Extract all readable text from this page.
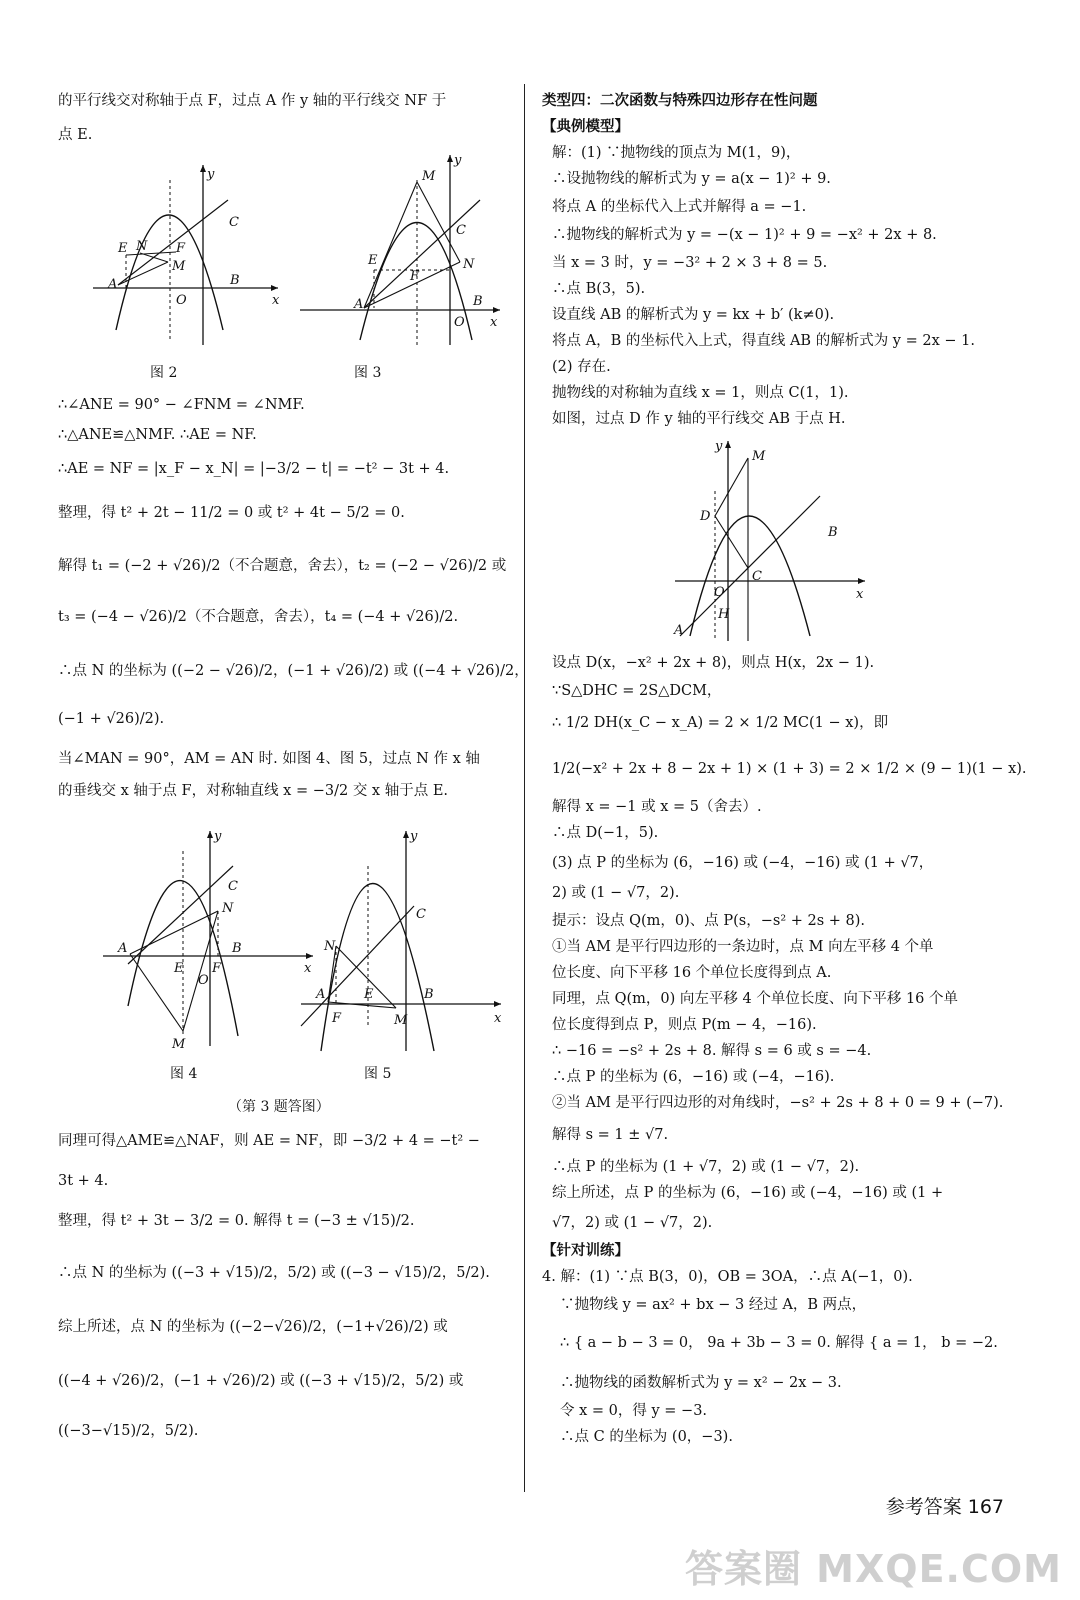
的平行线交对称轴于点 F，过点 A 作 y 轴的平行线交 NF 于
点 E.
y
C
E N F
M
A
O
B
x
图 2
y
M
C
E
F
N
A	B
O x
图 3
∴∠ANE = 90° − ∠FNM = ∠NMF.
∴△ANE≌△NMF. ∴AE = NF.
∴AE = NF = |x_F − x_N| = |−3/2 − t| = −t² − 3t + 4.
整理，得 t² + 2t − 11/2 = 0 或 t² + 4t − 5/2 = 0.
解得 t₁ = (−2 + √26)/2（不合题意，舍去），t₂ = (−2 − √26)/2 或
t₃ = (−4 − √26)/2（不合题意，舍去），t₄ = (−4 + √26)/2.
∴点 N 的坐标为 ((−2 − √26)/2，(−1 + √26)/2) 或 ((−4 + √26)/2，
(−1 + √26)/2).
当∠MAN = 90°，AM = AN 时. 如图 4、图 5，过点 N 作 x 轴
的垂线交 x 轴于点 F，对称轴直线 x = −3/2 交 x 轴于点 E.
y
C
N
A
E F
B
O
x
M
图 4
y
C
N
A	E	B
F	M	x
图 5
（第 3 题答图）
同理可得△AME≌△NAF，则 AE = NF，即 −3/2 + 4 = −t² −
3t + 4.
整理，得 t² + 3t − 3/2 = 0. 解得 t = (−3 ± √15)/2.
∴点 N 的坐标为 ((−3 + √15)/2，5/2) 或 ((−3 − √15)/2，5/2).
综上所述，点 N 的坐标为 ((−2−√26)/2，(−1+√26)/2) 或
((−4 + √26)/2，(−1 + √26)/2) 或 ((−3 + √15)/2，5/2) 或
((−3−√15)/2，5/2).
类型四：二次函数与特殊四边形存在性问题
【典例模型】
解：(1) ∵抛物线的顶点为 M(1，9)，
∴设抛物线的解析式为 y = a(x − 1)² + 9.
将点 A 的坐标代入上式并解得 a = −1.
∴抛物线的解析式为 y = −(x − 1)² + 9 = −x² + 2x + 8.
当 x = 3 时，y = −3² + 2 × 3 + 8 = 5.
∴点 B(3，5).
设直线 AB 的解析式为 y = kx + b′ (k≠0).
将点 A，B 的坐标代入上式，得直线 AB 的解析式为 y = 2x − 1.
(2) 存在.
抛物线的对称轴为直线 x = 1，则点 C(1，1).
如图，过点 D 作 y 轴的平行线交 AB 于点 H.
y
M
D
B
C
O
H
A
x
设点 D(x，−x² + 2x + 8)，则点 H(x，2x − 1).
∵S△DHC = 2S△DCM，
∴ 1/2 DH(x_C − x_A) = 2 × 1/2 MC(1 − x)，即
1/2(−x² + 2x + 8 − 2x + 1) × (1 + 3) = 2 × 1/2 × (9 − 1)(1 − x).
解得 x = −1 或 x = 5（舍去）.
∴点 D(−1，5).
(3) 点 P 的坐标为 (6，−16) 或 (−4，−16) 或 (1 + √7，
2) 或 (1 − √7，2).
提示：设点 Q(m，0)、点 P(s，−s² + 2s + 8).
①当 AM 是平行四边形的一条边时，点 M 向左平移 4 个单
位长度、向下平移 16 个单位长度得到点 A.
同理，点 Q(m，0) 向左平移 4 个单位长度、向下平移 16 个单
位长度得到点 P，则点 P(m − 4，−16).
∴ −16 = −s² + 2s + 8. 解得 s = 6 或 s = −4.
∴点 P 的坐标为 (6，−16) 或 (−4，−16).
②当 AM 是平行四边形的对角线时，−s² + 2s + 8 + 0 = 9 + (−7).
解得 s = 1 ± √7.
∴点 P 的坐标为 (1 + √7，2) 或 (1 − √7，2).
综上所述，点 P 的坐标为 (6，−16) 或 (−4，−16) 或 (1 +
√7，2) 或 (1 − √7，2).
【针对训练】
4. 解：(1) ∵点 B(3，0)，OB = 3OA，∴点 A(−1，0).
∵抛物线 y = ax² + bx − 3 经过 A，B 两点，
∴ { a − b − 3 = 0， 9a + 3b − 3 = 0. 解得 { a = 1， b = −2.
∴抛物线的函数解析式为 y = x² − 2x − 3.
令 x = 0，得 y = −3.
∴点 C 的坐标为 (0，−3).
参考答案 167
答案圈 MXQE.COM
